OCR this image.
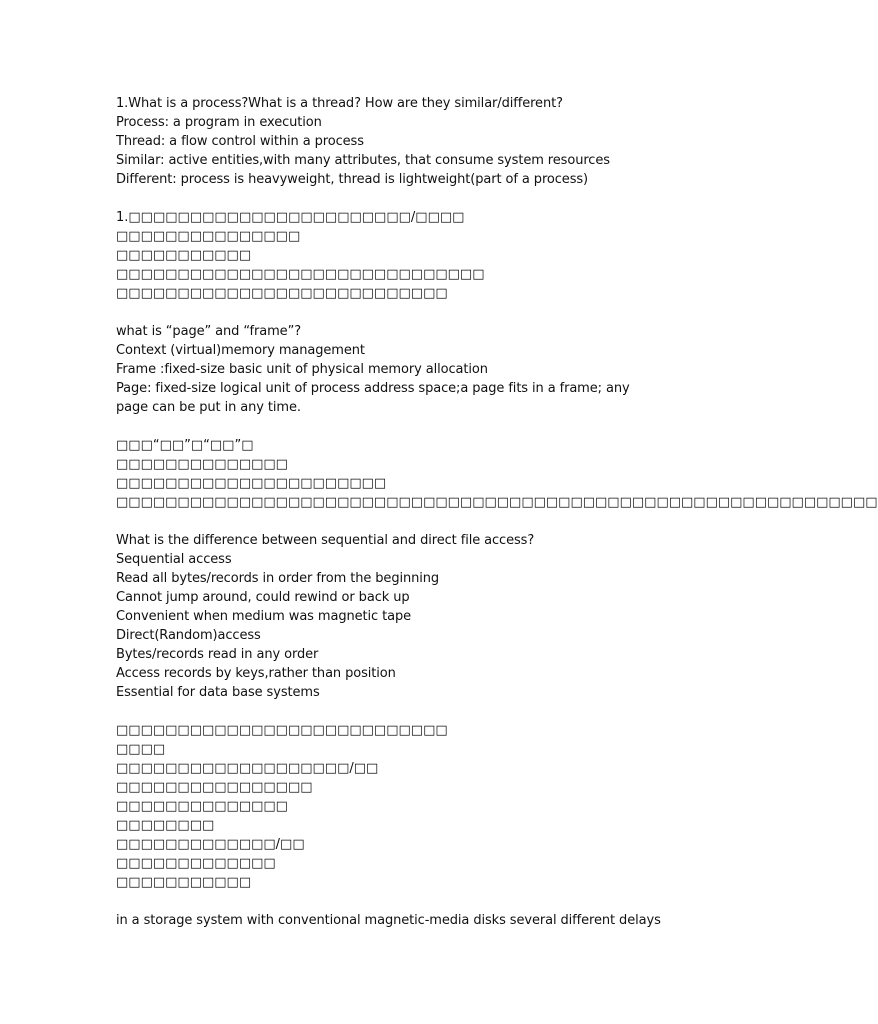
1.What is a process?What is a thread? How are they similar/different?
Process: a program in execution
Thread: a flow control within a process
Similar: active entities,with many attributes, that consume system resources
Different: process is heavyweight, thread is lightweight(part of a process)
1.□□□□□□□□□□□□□□□□□□□□□□□/□□□□
□□□□□□□□□□□□□□□
□□□□□□□□□□□
□□□□□□□□□□□□□□□□□□□□□□□□□□□□□□
□□□□□□□□□□□□□□□□□□□□□□□□□□□
what is “page” and “frame”?
Context (virtual)memory management
Frame :fixed-size basic unit of physical memory allocation
Page: fixed-size logical unit of process address space;a page fits in a frame; any page can be put in any time.
□□□“□□”□“□□”□
□□□□□□□□□□□□□□
□□□□□□□□□□□□□□□□□□□□□□
□□□□□□□□□□□□□□□□□□□□□□□□□□□□□□□□□□□□□□□□□□□□□□□□□□□□□□□□□□□□□□
What is the difference between sequential and direct file access?
Sequential access
Read all bytes/records in order from the beginning
Cannot jump around, could rewind or back up
Convenient when medium was magnetic tape
Direct(Random)access
Bytes/records read in any order
Access records by keys,rather than position
Essential for data base systems
□□□□□□□□□□□□□□□□□□□□□□□□□□□
□□□□
□□□□□□□□□□□□□□□□□□□/□□
□□□□□□□□□□□□□□□□
□□□□□□□□□□□□□□
□□□□□□□□
□□□□□□□□□□□□□/□□
□□□□□□□□□□□□□
□□□□□□□□□□□
in a storage system with conventional magnetic-media disks several different delays
